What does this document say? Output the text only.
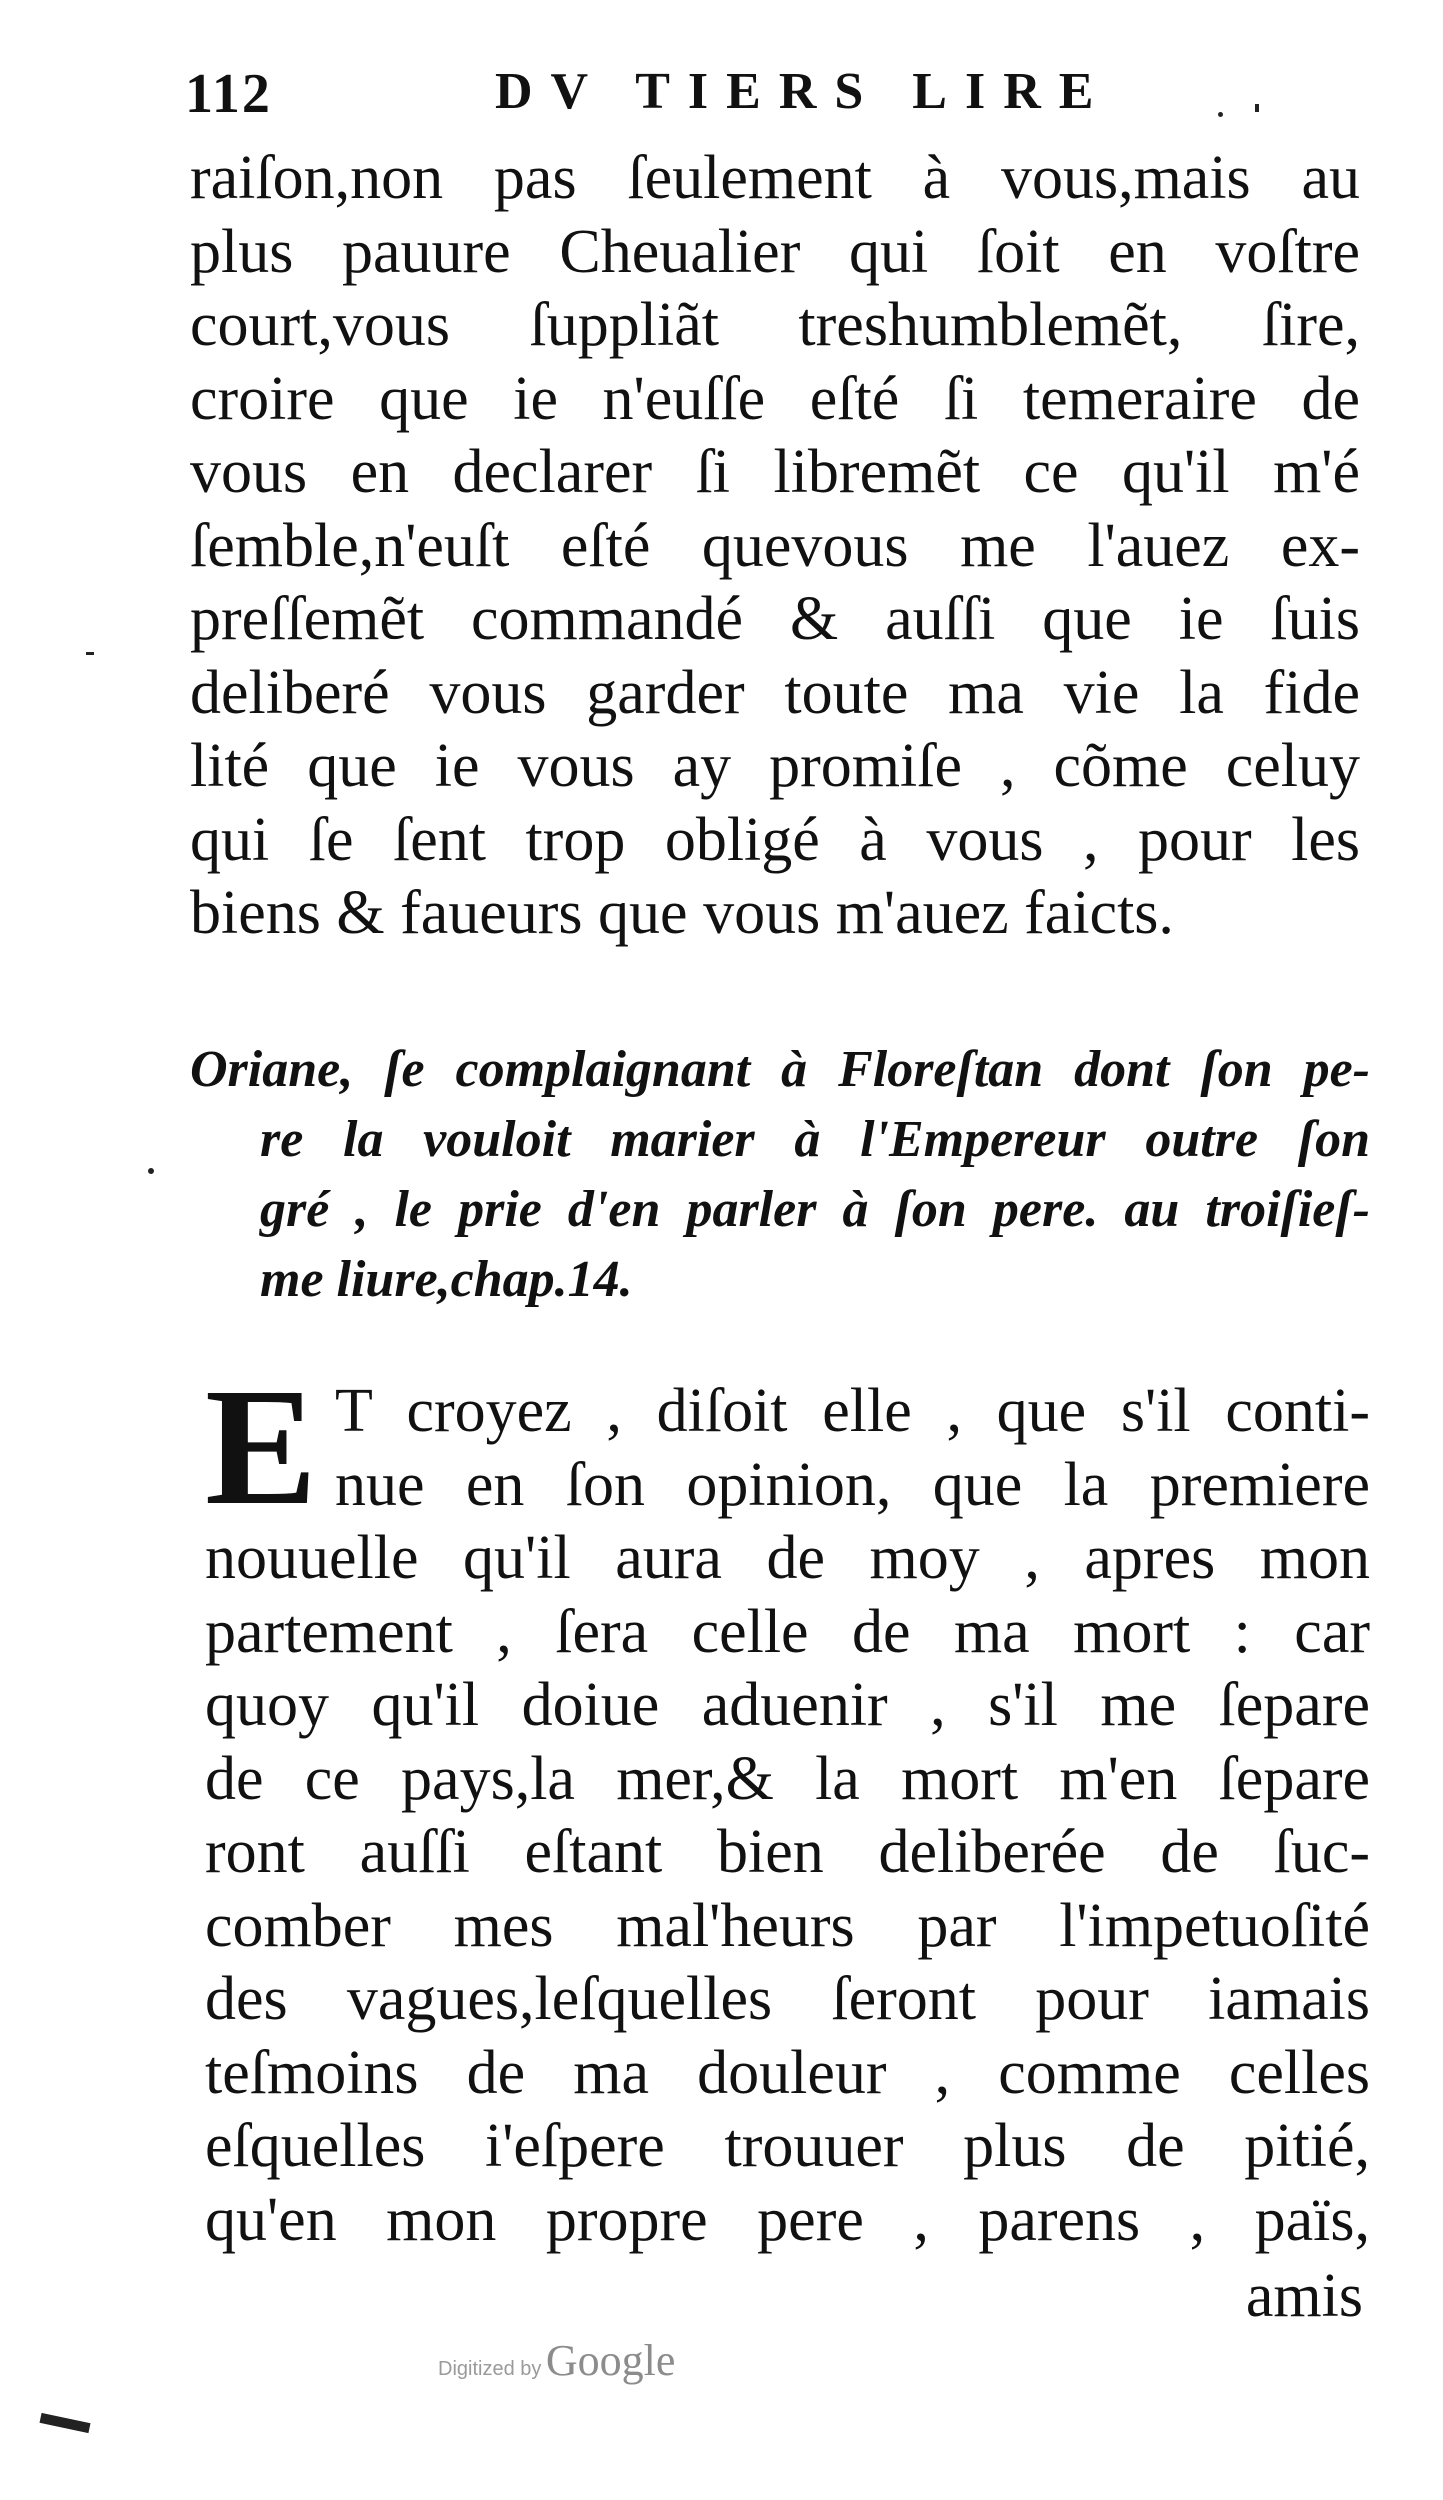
112	DV TIERS LIRE
raiſon,non pas ſeulement à vous,mais au
plus pauure Cheualier qui ſoit en voſtre
court,vous ſuppliãt treshumblemẽt, ſire,
croire que ie n'euſſe eſté ſi temeraire de
vous en declarer ſi libremẽt ce qu'il m'é
ſemble,n'euſt eſté quevous me l'auez ex-
preſſemẽt commandé & auſſi que ie ſuis
deliberé vous garder toute ma vie la fide
lité que ie vous ay promiſe , cõme celuy
qui ſe ſent trop obligé à vous , pour les
biens & faueurs que vous m'auez faicts.
Oriane, ſe complaignant à Floreſtan dont ſon pe-
re la vouloit marier à l'Empereur outre ſon
gré , le prie d'en parler à ſon pere. au troiſieſ-
me liure,chap.14.
E T croyez , diſoit elle , que s'il conti-
nue en ſon opinion, que la premiere
nouuelle qu'il aura de moy , apres mon
partement , ſera celle de ma mort : car
quoy qu'il doiue aduenir , s'il me ſepare
de ce pays,la mer,& la mort m'en ſepare
ront auſſi eſtant bien deliberée de ſuc-
comber mes mal'heurs par l'impetuoſité
des vagues,leſquelles ſeront pour iamais
teſmoins de ma douleur , comme celles
eſquelles i'eſpere trouuer plus de pitié,
qu'en mon propre pere , parens , païs,
amis
Digitized by Google
